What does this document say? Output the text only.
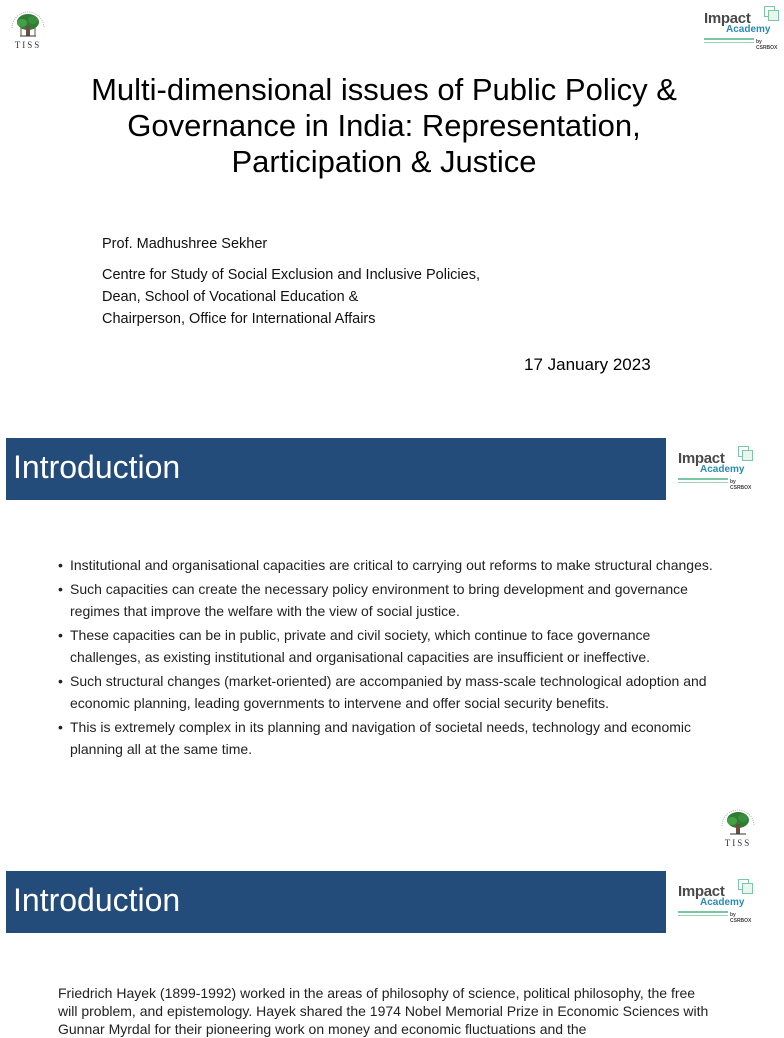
TISS
Impact
Academy
by CSRBOX
Multi-dimensional issues of Public Policy & Governance in India: Representation, Participation & Justice
Prof. Madhushree Sekher
Centre for Study of Social Exclusion and Inclusive Policies,
Dean, School of Vocational Education &
Chairperson, Office for International Affairs
17 January 2023
Introduction	Impact
Academy
by CSRBOX
• Institutional and organisational capacities are critical to carrying out reforms to make structural changes.
• Such capacities can create the necessary policy environment to bring development and governance regimes that improve the welfare with the view of social justice.
• These capacities can be in public, private and civil society, which continue to face governance challenges, as existing institutional and organisational capacities are insufficient or ineffective.
• Such structural changes (market-oriented) are accompanied by mass-scale technological adoption and economic planning, leading governments to intervene and offer social security benefits.
• This is extremely complex in its planning and navigation of societal needs, technology and economic planning all at the same time.
TISS
Introduction	Impact
Academy
by CSRBOX
Friedrich Hayek (1899-1992) worked in the areas of philosophy of science, political philosophy, the free will problem, and epistemology. Hayek shared the 1974 Nobel Memorial Prize in Economic Sciences with Gunnar Myrdal for their pioneering work on money and economic fluctuations and the
